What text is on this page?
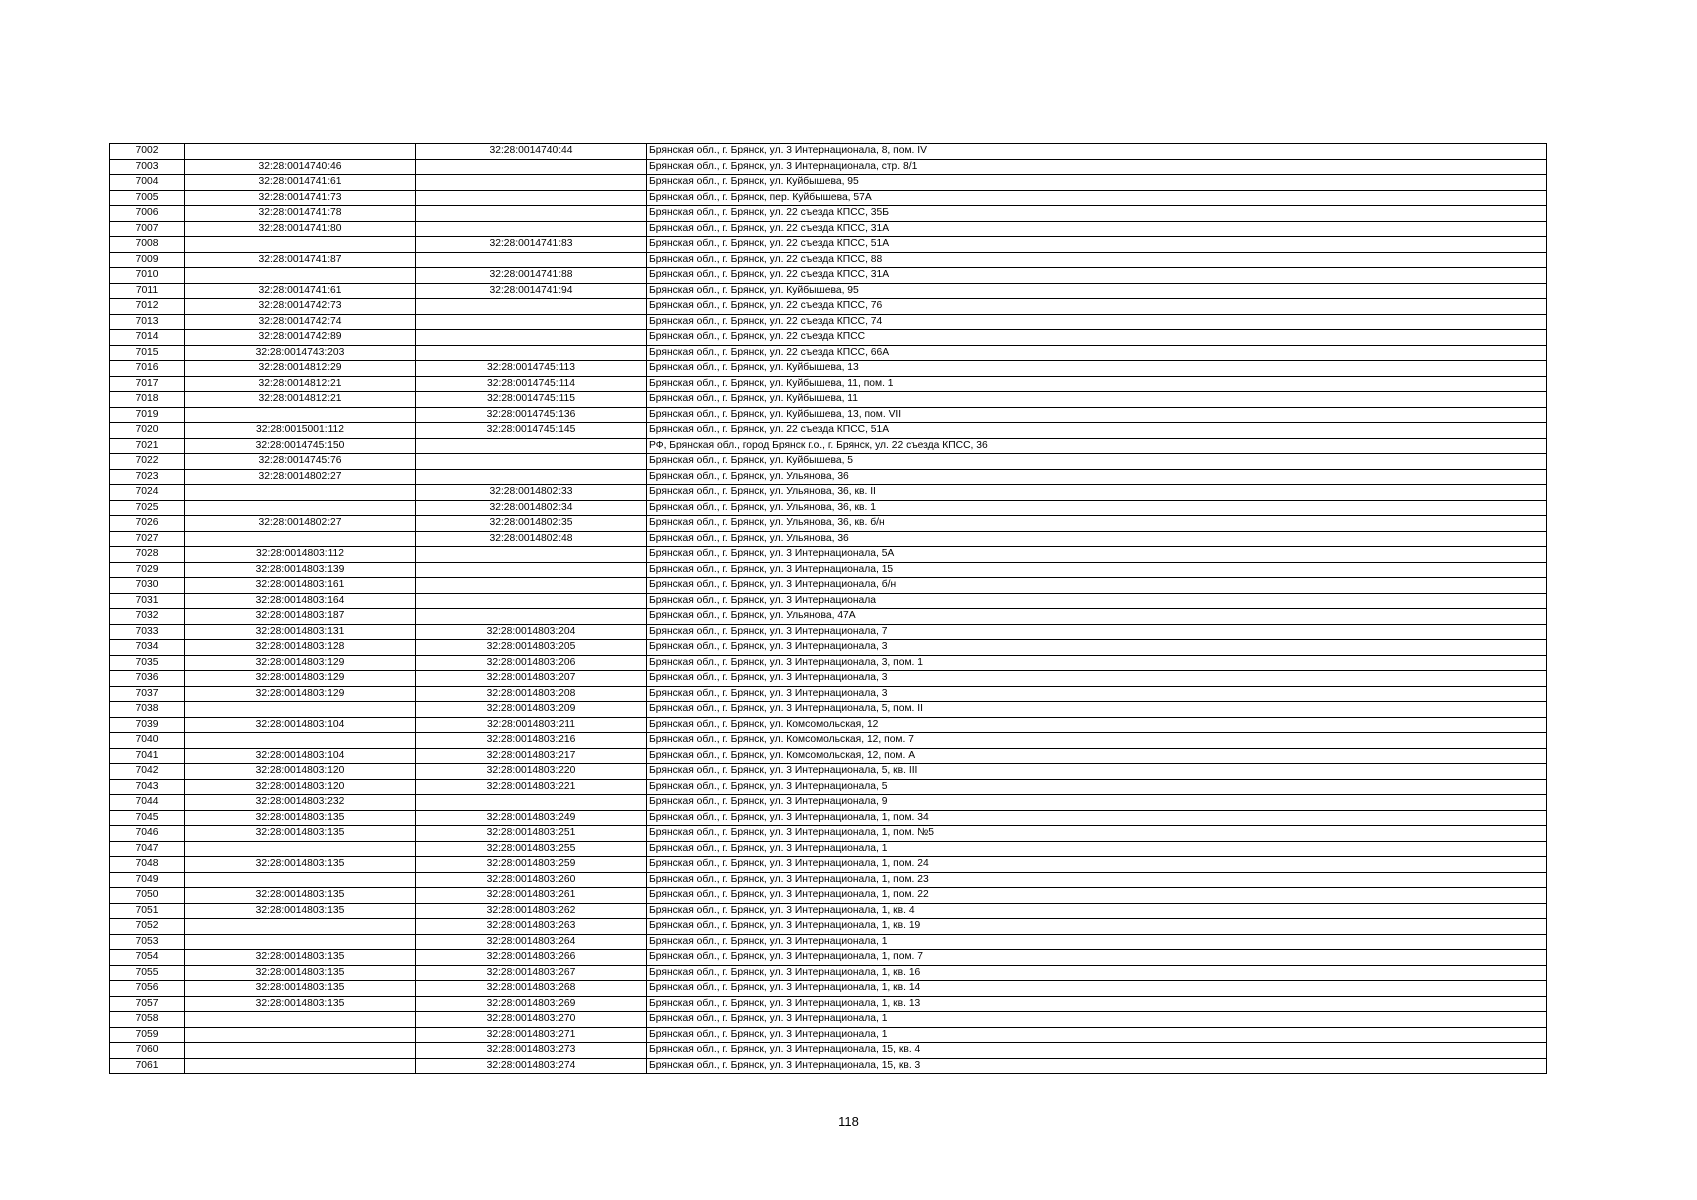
7002		32:28:0014740:44	Брянская обл., г. Брянск, ул. 3 Интернационала, 8, пом. IV
7003	32:28:0014740:46		Брянская обл., г. Брянск, ул. 3 Интернационала, стр. 8/1
7004	32:28:0014741:61		Брянская обл., г. Брянск, ул. Куйбышева, 95
7005	32:28:0014741:73		Брянская обл., г. Брянск, пер. Куйбышева, 57А
7006	32:28:0014741:78		Брянская обл., г. Брянск, ул. 22 съезда КПСС, 35Б
7007	32:28:0014741:80		Брянская обл., г. Брянск, ул. 22 съезда КПСС, 31А
7008		32:28:0014741:83	Брянская обл., г. Брянск, ул. 22 съезда КПСС, 51А
7009	32:28:0014741:87		Брянская обл., г. Брянск, ул. 22 съезда КПСС, 88
7010		32:28:0014741:88	Брянская обл., г. Брянск, ул. 22 съезда КПСС, 31А
7011	32:28:0014741:61	32:28:0014741:94	Брянская обл., г. Брянск, ул. Куйбышева, 95
7012	32:28:0014742:73		Брянская обл., г. Брянск, ул. 22 съезда КПСС, 76
7013	32:28:0014742:74		Брянская обл., г. Брянск, ул. 22 съезда КПСС, 74
7014	32:28:0014742:89		Брянская обл., г. Брянск, ул. 22 съезда КПСС
7015	32:28:0014743:203		Брянская обл., г. Брянск, ул. 22 съезда КПСС, 66А
7016	32:28:0014812:29	32:28:0014745:113	Брянская обл., г. Брянск, ул. Куйбышева, 13
7017	32:28:0014812:21	32:28:0014745:114	Брянская обл., г. Брянск, ул. Куйбышева, 11, пом. 1
7018	32:28:0014812:21	32:28:0014745:115	Брянская обл., г. Брянск, ул. Куйбышева, 11
7019		32:28:0014745:136	Брянская обл., г. Брянск, ул. Куйбышева, 13, пом. VII
7020	32:28:0015001:112	32:28:0014745:145	Брянская обл., г. Брянск, ул. 22 съезда КПСС, 51А
7021	32:28:0014745:150		РФ, Брянская обл., город Брянск г.о., г. Брянск, ул. 22 съезда КПСС, 36
7022	32:28:0014745:76		Брянская обл., г. Брянск, ул. Куйбышева, 5
7023	32:28:0014802:27		Брянская обл., г. Брянск, ул. Ульянова, 36
7024		32:28:0014802:33	Брянская обл., г. Брянск, ул. Ульянова, 36, кв. II
7025		32:28:0014802:34	Брянская обл., г. Брянск, ул. Ульянова, 36, кв. 1
7026	32:28:0014802:27	32:28:0014802:35	Брянская обл., г. Брянск, ул. Ульянова, 36, кв. б/н
7027		32:28:0014802:48	Брянская обл., г. Брянск, ул. Ульянова, 36
7028	32:28:0014803:112		Брянская обл., г. Брянск, ул. 3 Интернационала, 5А
7029	32:28:0014803:139		Брянская обл., г. Брянск, ул. 3 Интернационала, 15
7030	32:28:0014803:161		Брянская обл., г. Брянск, ул. 3 Интернационала, б/н
7031	32:28:0014803:164		Брянская обл., г. Брянск, ул. 3 Интернационала
7032	32:28:0014803:187		Брянская обл., г. Брянск, ул. Ульянова, 47А
7033	32:28:0014803:131	32:28:0014803:204	Брянская обл., г. Брянск, ул. 3 Интернационала, 7
7034	32:28:0014803:128	32:28:0014803:205	Брянская обл., г. Брянск, ул. 3 Интернационала, 3
7035	32:28:0014803:129	32:28:0014803:206	Брянская обл., г. Брянск, ул. 3 Интернационала, 3, пом. 1
7036	32:28:0014803:129	32:28:0014803:207	Брянская обл., г. Брянск, ул. 3 Интернационала, 3
7037	32:28:0014803:129	32:28:0014803:208	Брянская обл., г. Брянск, ул. 3 Интернационала, 3
7038		32:28:0014803:209	Брянская обл., г. Брянск, ул. 3 Интернационала, 5, пом. II
7039	32:28:0014803:104	32:28:0014803:211	Брянская обл., г. Брянск, ул. Комсомольская, 12
7040		32:28:0014803:216	Брянская обл., г. Брянск, ул. Комсомольская, 12, пом. 7
7041	32:28:0014803:104	32:28:0014803:217	Брянская обл., г. Брянск, ул. Комсомольская, 12, пом. А
7042	32:28:0014803:120	32:28:0014803:220	Брянская обл., г. Брянск, ул. 3 Интернационала, 5, кв. III
7043	32:28:0014803:120	32:28:0014803:221	Брянская обл., г. Брянск, ул. 3 Интернационала, 5
7044	32:28:0014803:232		Брянская обл., г. Брянск, ул. 3 Интернационала, 9
7045	32:28:0014803:135	32:28:0014803:249	Брянская обл., г. Брянск, ул. 3 Интернационала, 1, пом. 34
7046	32:28:0014803:135	32:28:0014803:251	Брянская обл., г. Брянск, ул. 3 Интернационала, 1, пом. №5
7047		32:28:0014803:255	Брянская обл., г. Брянск, ул. 3 Интернационала, 1
7048	32:28:0014803:135	32:28:0014803:259	Брянская обл., г. Брянск, ул. 3 Интернационала, 1, пом. 24
7049		32:28:0014803:260	Брянская обл., г. Брянск, ул. 3 Интернационала, 1, пом. 23
7050	32:28:0014803:135	32:28:0014803:261	Брянская обл., г. Брянск, ул. 3 Интернационала, 1, пом. 22
7051	32:28:0014803:135	32:28:0014803:262	Брянская обл., г. Брянск, ул. 3 Интернационала, 1, кв. 4
7052		32:28:0014803:263	Брянская обл., г. Брянск, ул. 3 Интернационала, 1, кв. 19
7053		32:28:0014803:264	Брянская обл., г. Брянск, ул. 3 Интернационала, 1
7054	32:28:0014803:135	32:28:0014803:266	Брянская обл., г. Брянск, ул. 3 Интернационала, 1, пом. 7
7055	32:28:0014803:135	32:28:0014803:267	Брянская обл., г. Брянск, ул. 3 Интернационала, 1, кв. 16
7056	32:28:0014803:135	32:28:0014803:268	Брянская обл., г. Брянск, ул. 3 Интернационала, 1, кв. 14
7057	32:28:0014803:135	32:28:0014803:269	Брянская обл., г. Брянск, ул. 3 Интернационала, 1, кв. 13
7058		32:28:0014803:270	Брянская обл., г. Брянск, ул. 3 Интернационала, 1
7059		32:28:0014803:271	Брянская обл., г. Брянск, ул. 3 Интернационала, 1
7060		32:28:0014803:273	Брянская обл., г. Брянск, ул. 3 Интернационала, 15, кв. 4
7061		32:28:0014803:274	Брянская обл., г. Брянск, ул. 3 Интернационала, 15, кв. 3
118
